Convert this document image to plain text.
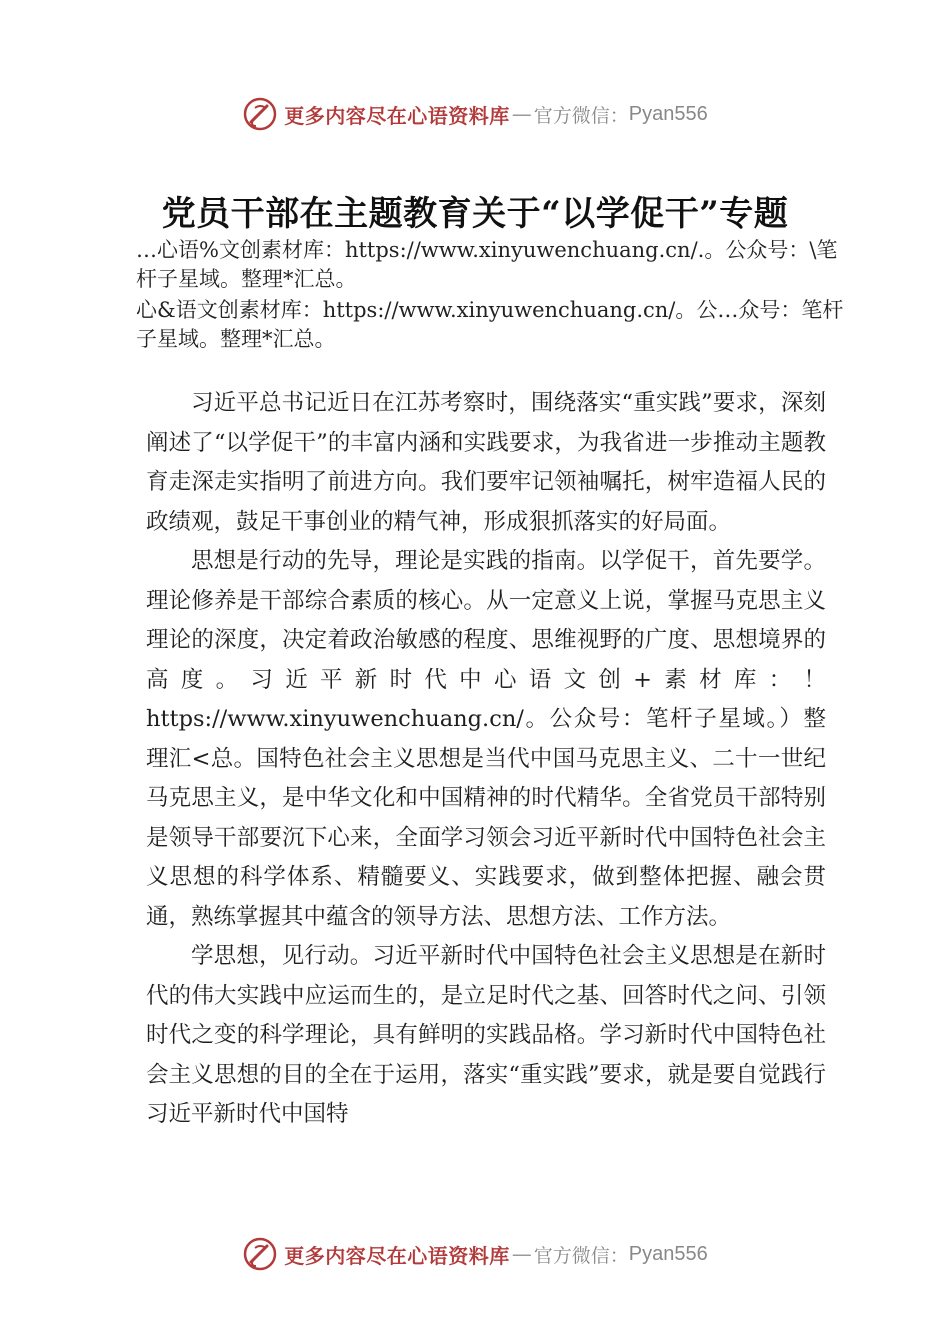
更多内容尽在心语资料库 — 官方微信： Pyan556
党员干部在主题教育关于“以学促干”专题
…心语%文创素材库：https://www.xinyuwenchuang.cn/.。公众号：\笔杆子星域。整理*汇总。
心&语文创素材库：https://www.xinyuwenchuang.cn/。公…众号：笔杆子星域。整理*汇总。

习近平总书记近日在江苏考察时，围绕落实“重实践”要求，深刻阐述了“以学促干”的丰富内涵和实践要求，为我省进一步推动主题教育走深走实指明了前进方向。我们要牢记领袖嘱托，树牢造福人民的政绩观，鼓足干事创业的精气神，形成狠抓落实的好局面。

思想是行动的先导，理论是实践的指南。以学促干，首先要学。理论修养是干部综合素质的核心。从一定意义上说，掌握马克思主义理论的深度，决定着政治敏感的程度、思维视野的广度、思想境界的高度。习近平新时代中心语文创+素材库：！https://www.xinyuwenchuang.cn/。公众号：笔杆子星域。）整理汇<总。国特色社会主义思想是当代中国马克思主义、二十一世纪马克思主义，是中华文化和中国精神的时代精华。全省党员干部特别是领导干部要沉下心来，全面学习领会习近平新时代中国特色社会主义思想的科学体系、精髓要义、实践要求，做到整体把握、融会贯通，熟练掌握其中蕴含的领导方法、思想方法、工作方法。

学思想，见行动。习近平新时代中国特色社会主义思想是在新时代的伟大实践中应运而生的，是立足时代之基、回答时代之问、引领时代之变的科学理论，具有鲜明的实践品格。学习新时代中国特色社会主义思想的目的全在于运用，落实“重实践”要求，就是要自觉践行习近平新时代中国特

更多内容尽在心语资料库 — 官方微信： Pyan556
